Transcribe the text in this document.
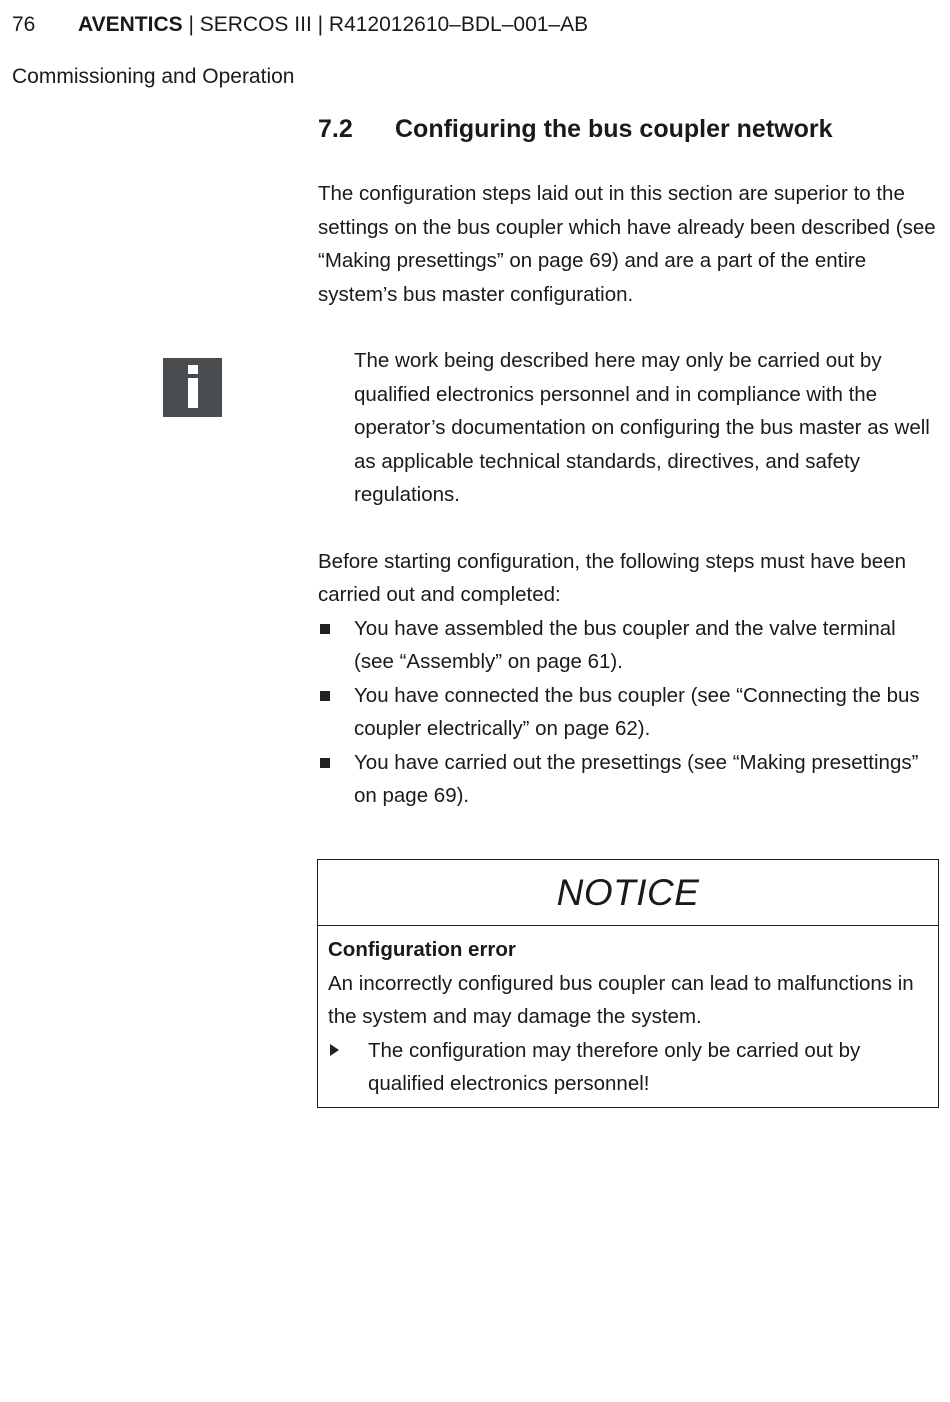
76 AVENTICS | SERCOS III | R412012610–BDL–001–AB
Commissioning and Operation
7.2	Configuring the bus coupler network

The configuration steps laid out in this section are superior to the settings on the bus coupler which have already been described (see “Making presettings” on page 69) and are a part of the entire system’s bus master configuration.

The work being described here may only be carried out by qualified electronics personnel and in compliance with the operator’s documentation on configuring the bus master as well as applicable technical standards, directives, and safety regulations.

Before starting configuration, the following steps must have been carried out and completed:

You have assembled the bus coupler and the valve terminal (see “Assembly” on page 61).
You have connected the bus coupler (see “Connecting the bus coupler electrically” on page 62).
You have carried out the presettings (see “Making presettings” on page 69).
NOTICE
Configuration error
An incorrectly configured bus coupler can lead to malfunctions in the system and may damage the system.
The configuration may therefore only be carried out by qualified electronics personnel!
